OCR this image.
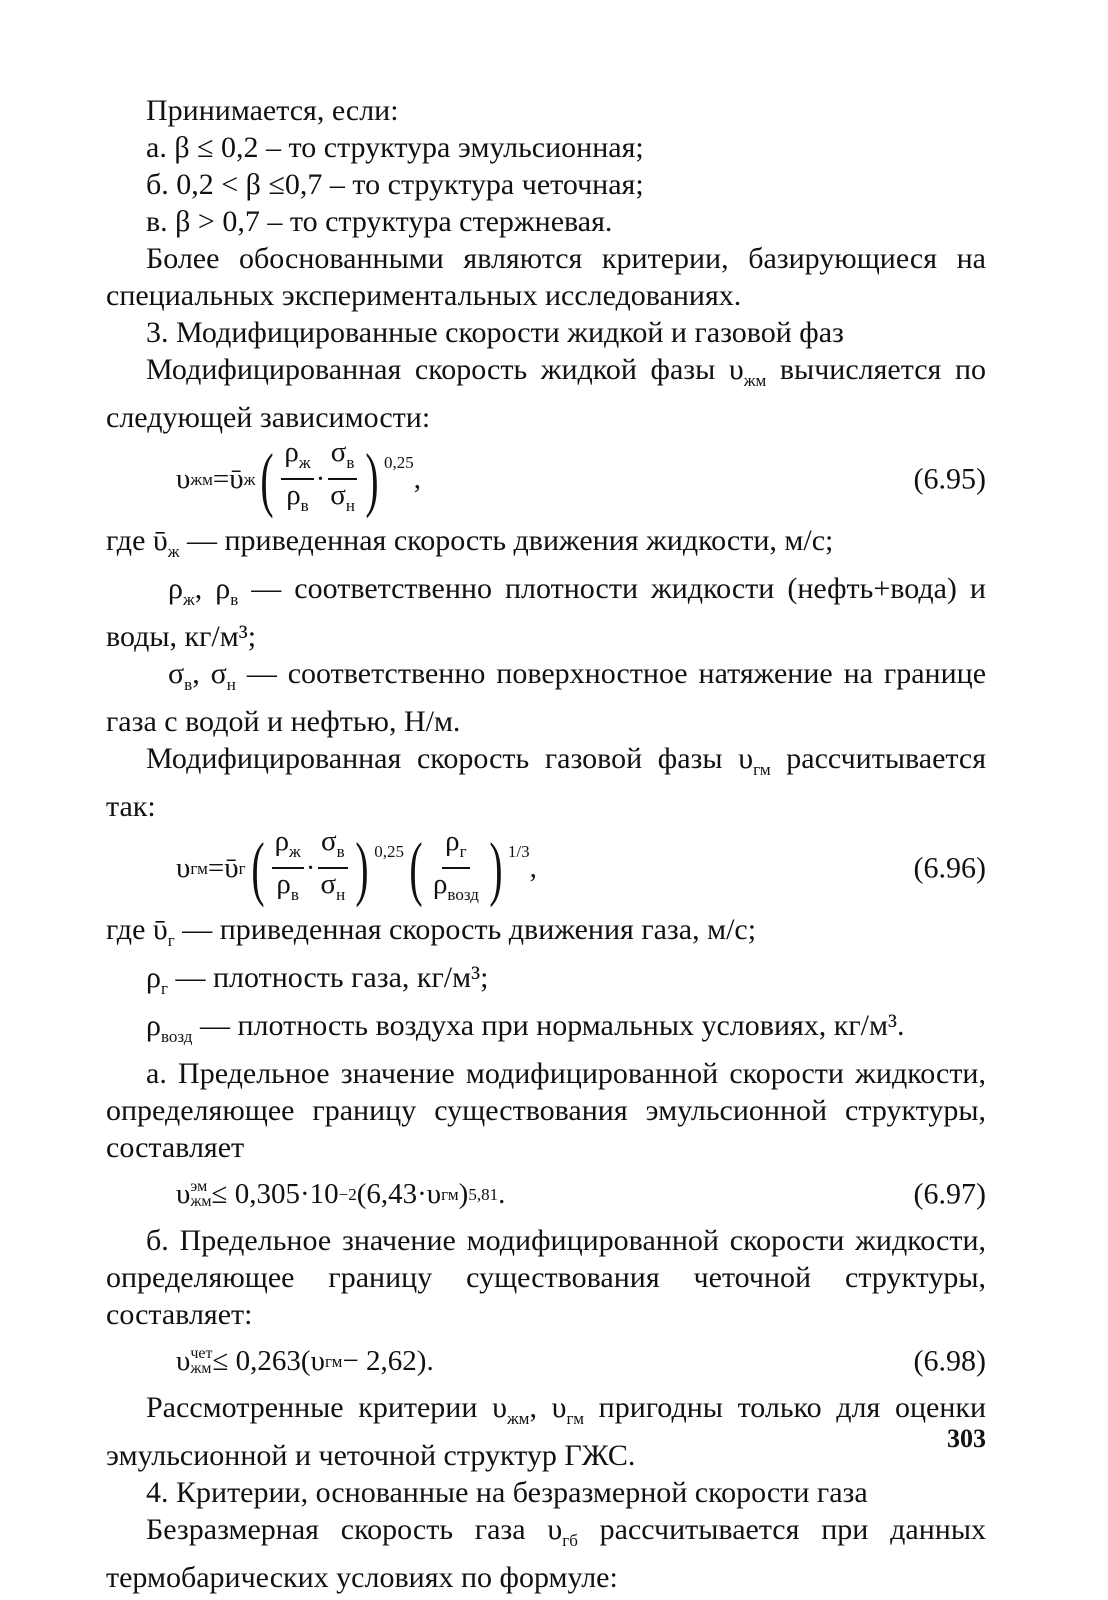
Принимается, если:

а. β ≤ 0,2 – то структура эмульсионная;

б. 0,2 < β ≤0,7 – то структура четочная;

в. β > 0,7 – то структура стержневая.

Более обоснованными являются критерии, базирующиеся на специальных экспериментальных исследованиях.

3. Модифицированные скорости жидкой и газовой фаз

Модифицированная скорость жидкой фазы $\upsilon_{жм}$ вычисляется по следующей зависимости:

υ жм = ῡ ж ( $\frac{\rho_ж}{\rho_в} \cdot \frac{\sigma_в}{\sigma_н}$ ) $^{0,25}$ ,	(6.95)

где ῡ$_ж$ — приведенная скорость движения жидкости, м/с;

$\rho_ж$, $\rho_в$ — соответственно плотности жидкости (нефть+вода) и воды, кг/м³;

$\sigma_в$, $\sigma_н$ — соответственно поверхностное натяжение на границе газа с водой и нефтью, Н/м.

Модифицированная скорость газовой фазы $\upsilon_{гм}$ рассчитывается так:

υ гм = ῡ г ( $\frac{\rho_ж}{\rho_в} \cdot \frac{\sigma_в}{\sigma_н}$ ) $^{0,25}$ ( $\frac{\rho_г}{\rho_{возд}}$ ) $^{1/3}$ ,	(6.96)

где ῡ$_г$ — приведенная скорость движения газа, м/с;

$\rho_г$ — плотность газа, кг/м³;

$\rho_{возд}$ — плотность воздуха при нормальных условиях, кг/м³.

а. Предельное значение модифицированной скорости жидкости, определяющее границу существования эмульсионной структуры, составляет

υ эм
жм ≤ 0,305·10 −2 (6,43·υ гм ) 5,81 .	(6.97)

б. Предельное значение модифицированной скорости жидкости, определяющее границу существования четочной структуры, составляет:

υ чет
жм ≤ 0,263(υ гм − 2,62) .	(6.98)

Рассмотренные критерии $\upsilon_{жм}$, $\upsilon_{гм}$ пригодны только для оценки эмульсионной и четочной структур ГЖС.

4. Критерии, основанные на безразмерной скорости газа

Безразмерная скорость газа $\upsilon_{гб}$ рассчитывается при данных термобарических условиях по формуле:

303
